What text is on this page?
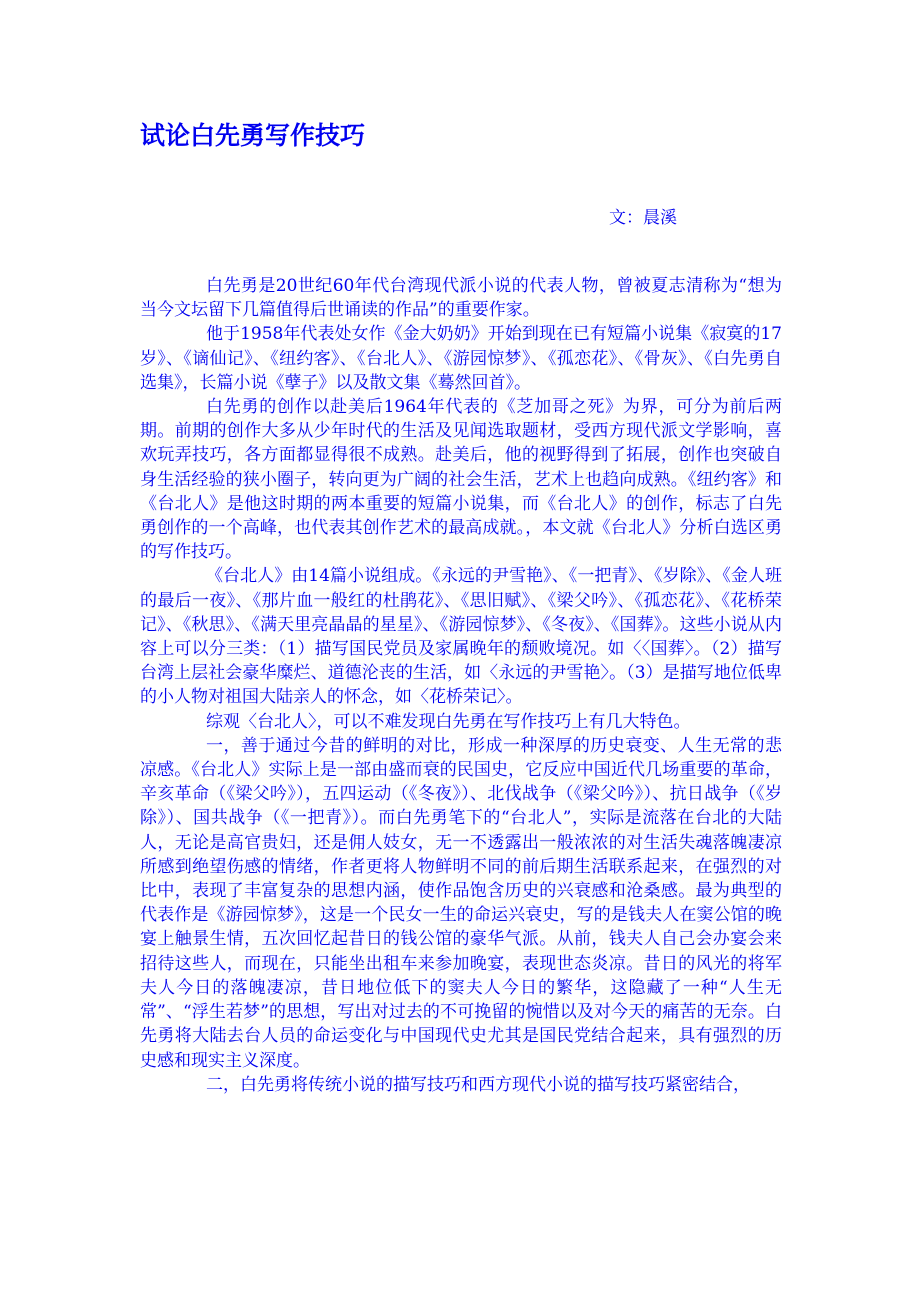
试论白先勇写作技巧
文：晨溪

白先勇是20世纪60年代台湾现代派小说的代表人物，曾被夏志清称为“想为当今文坛留下几篇值得后世诵读的作品”的重要作家。

他于1958年代表处女作《金大奶奶》开始到现在已有短篇小说集《寂寞的17岁》、《谪仙记》、《纽约客》、《台北人》、《游园惊梦》、《孤恋花》、《骨灰》、《白先勇自选集》，长篇小说《孽子》以及散文集《蓦然回首》。

白先勇的创作以赴美后1964年代表的《芝加哥之死》为界，可分为前后两期。前期的创作大多从少年时代的生活及见闻选取题材，受西方现代派文学影响，喜欢玩弄技巧，各方面都显得很不成熟。赴美后，他的视野得到了拓展，创作也突破自身生活经验的狭小圈子，转向更为广阔的社会生活，艺术上也趋向成熟。《纽约客》和《台北人》是他这时期的两本重要的短篇小说集，而《台北人》的创作，标志了白先勇创作的一个高峰，也代表其创作艺术的最高成就。，本文就《台北人》分析白选区勇的写作技巧。

《台北人》由14篇小说组成。《永远的尹雪艳》、《一把青》、《岁除》、《金人班的最后一夜》、《那片血一般红的杜鹃花》、《思旧赋》、《梁父吟》、《孤恋花》、《花桥荣记》、《秋思》、《满天里亮晶晶的星星》、《游园惊梦》、《冬夜》、《国葬》。这些小说从内容上可以分三类：（1）描写国民党员及家属晚年的颓败境况。如〈〈国葬〉。（2）描写台湾上层社会豪华糜烂、道德沦丧的生活，如〈永远的尹雪艳〉。（3）是描写地位低卑的小人物对祖国大陆亲人的怀念，如〈花桥荣记〉。

综观〈台北人〉，可以不难发现白先勇在写作技巧上有几大特色。

一，善于通过今昔的鲜明的对比，形成一种深厚的历史衰变、人生无常的悲凉感。《台北人》实际上是一部由盛而衰的民国史，它反应中国近代几场重要的革命，辛亥革命（《梁父吟》），五四运动（《冬夜》）、北伐战争（《梁父吟》）、抗日战争（《岁除》）、国共战争（《一把青》）。而白先勇笔下的“台北人”，实际是流落在台北的大陆人，无论是高官贵妇，还是佣人妓女，无一不透露出一般浓浓的对生活失魂落魄凄凉所感到绝望伤感的情绪，作者更将人物鲜明不同的前后期生活联系起来，在强烈的对比中，表现了丰富复杂的思想内涵，使作品饱含历史的兴衰感和沧桑感。最为典型的代表作是《游园惊梦》，这是一个民女一生的命运兴衰史，写的是钱夫人在窦公馆的晚宴上触景生情，五次回忆起昔日的钱公馆的豪华气派。从前，钱夫人自己会办宴会来招待这些人，而现在，只能坐出租车来参加晚宴，表现世态炎凉。昔日的风光的将军夫人今日的落魄凄凉，昔日地位低下的窦夫人今日的繁华，这隐藏了一种“人生无常”、“浮生若梦”的思想，写出对过去的不可挽留的惋惜以及对今天的痛苦的无奈。白先勇将大陆去台人员的命运变化与中国现代史尤其是国民党结合起来，具有强烈的历史感和现实主义深度。

二，白先勇将传统小说的描写技巧和西方现代小说的描写技巧紧密结合，
